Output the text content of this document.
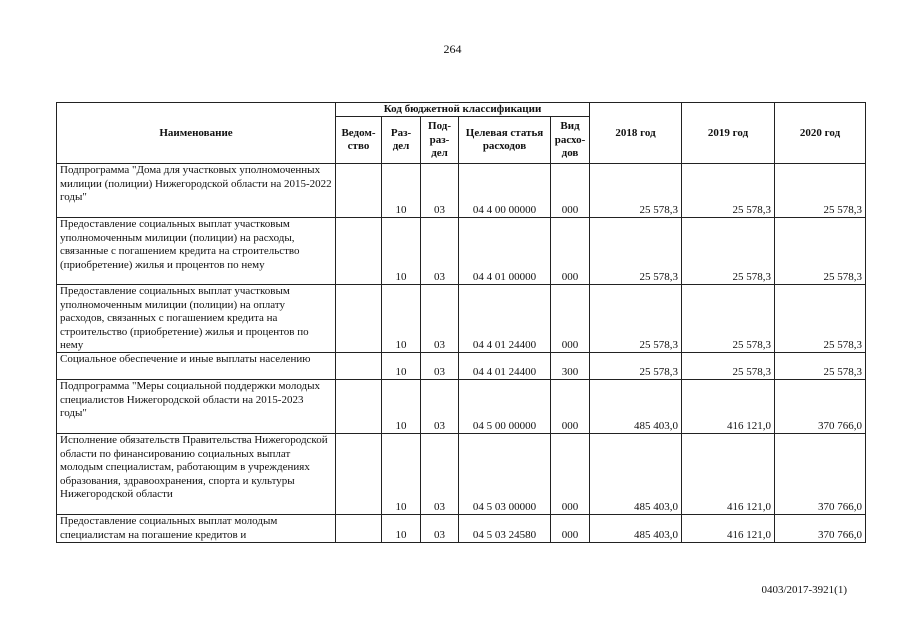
264
Наименование	Код бюджетной классификации					2018 год	2019 год	2020 год
	Ведом-ство	Раз-дел	Под-раз-дел	Целевая статья расходов	Вид расхо-дов			
Подпрограмма "Дома для участковых уполномоченных милиции (полиции) Нижегородской области на 2015-2022 годы"		10	03	04 4 00 00000	000	25 578,3	25 578,3	25 578,3
Предоставление социальных выплат участковым уполномоченным милиции (полиции) на расходы, связанные с погашением кредита на строительство (приобретение) жилья и процентов по нему		10	03	04 4 01 00000	000	25 578,3	25 578,3	25 578,3
Предоставление социальных выплат участковым уполномоченным милиции (полиции) на оплату расходов, связанных с погашением кредита на строительство (приобретение) жилья и процентов по нему		10	03	04 4 01 24400	000	25 578,3	25 578,3	25 578,3
Социальное обеспечение и иные выплаты населению		10	03	04 4 01 24400	300	25 578,3	25 578,3	25 578,3
Подпрограмма "Меры социальной поддержки молодых специалистов Нижегородской области на 2015-2023 годы"		10	03	04 5 00 00000	000	485 403,0	416 121,0	370 766,0
Исполнение обязательств Правительства Нижегородской области по финансированию социальных выплат молодым специалистам, работающим в учреждениях образования, здравоохранения, спорта и культуры Нижегородской области		10	03	04 5 03 00000	000	485 403,0	416 121,0	370 766,0
Предоставление социальных выплат молодым специалистам на погашение кредитов и		10	03	04 5 03 24580	000	485 403,0	416 121,0	370 766,0
0403/2017-3921(1)
